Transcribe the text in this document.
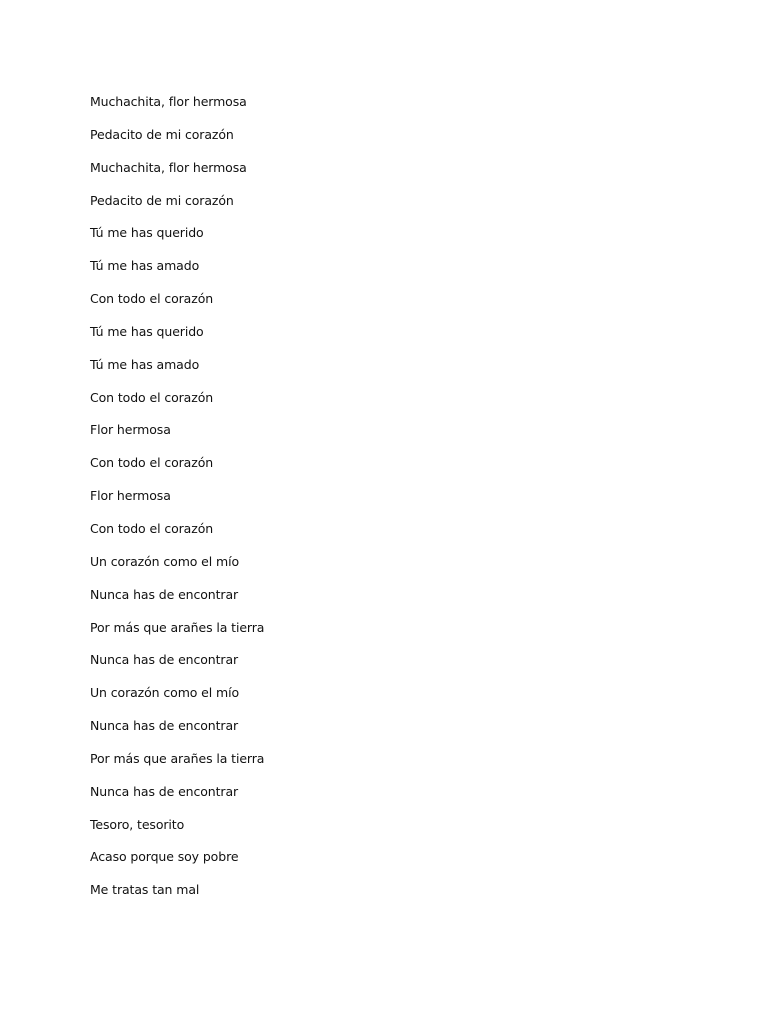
Muchachita, flor hermosa
Pedacito de mi corazón
Muchachita, flor hermosa
Pedacito de mi corazón
Tú me has querido
Tú me has amado
Con todo el corazón
Tú me has querido
Tú me has amado
Con todo el corazón
Flor hermosa
Con todo el corazón
Flor hermosa
Con todo el corazón
Un corazón como el mío
Nunca has de encontrar
Por más que arañes la tierra
Nunca has de encontrar
Un corazón como el mío
Nunca has de encontrar
Por más que arañes la tierra
Nunca has de encontrar
Tesoro, tesorito
Acaso porque soy pobre
Me tratas tan mal
